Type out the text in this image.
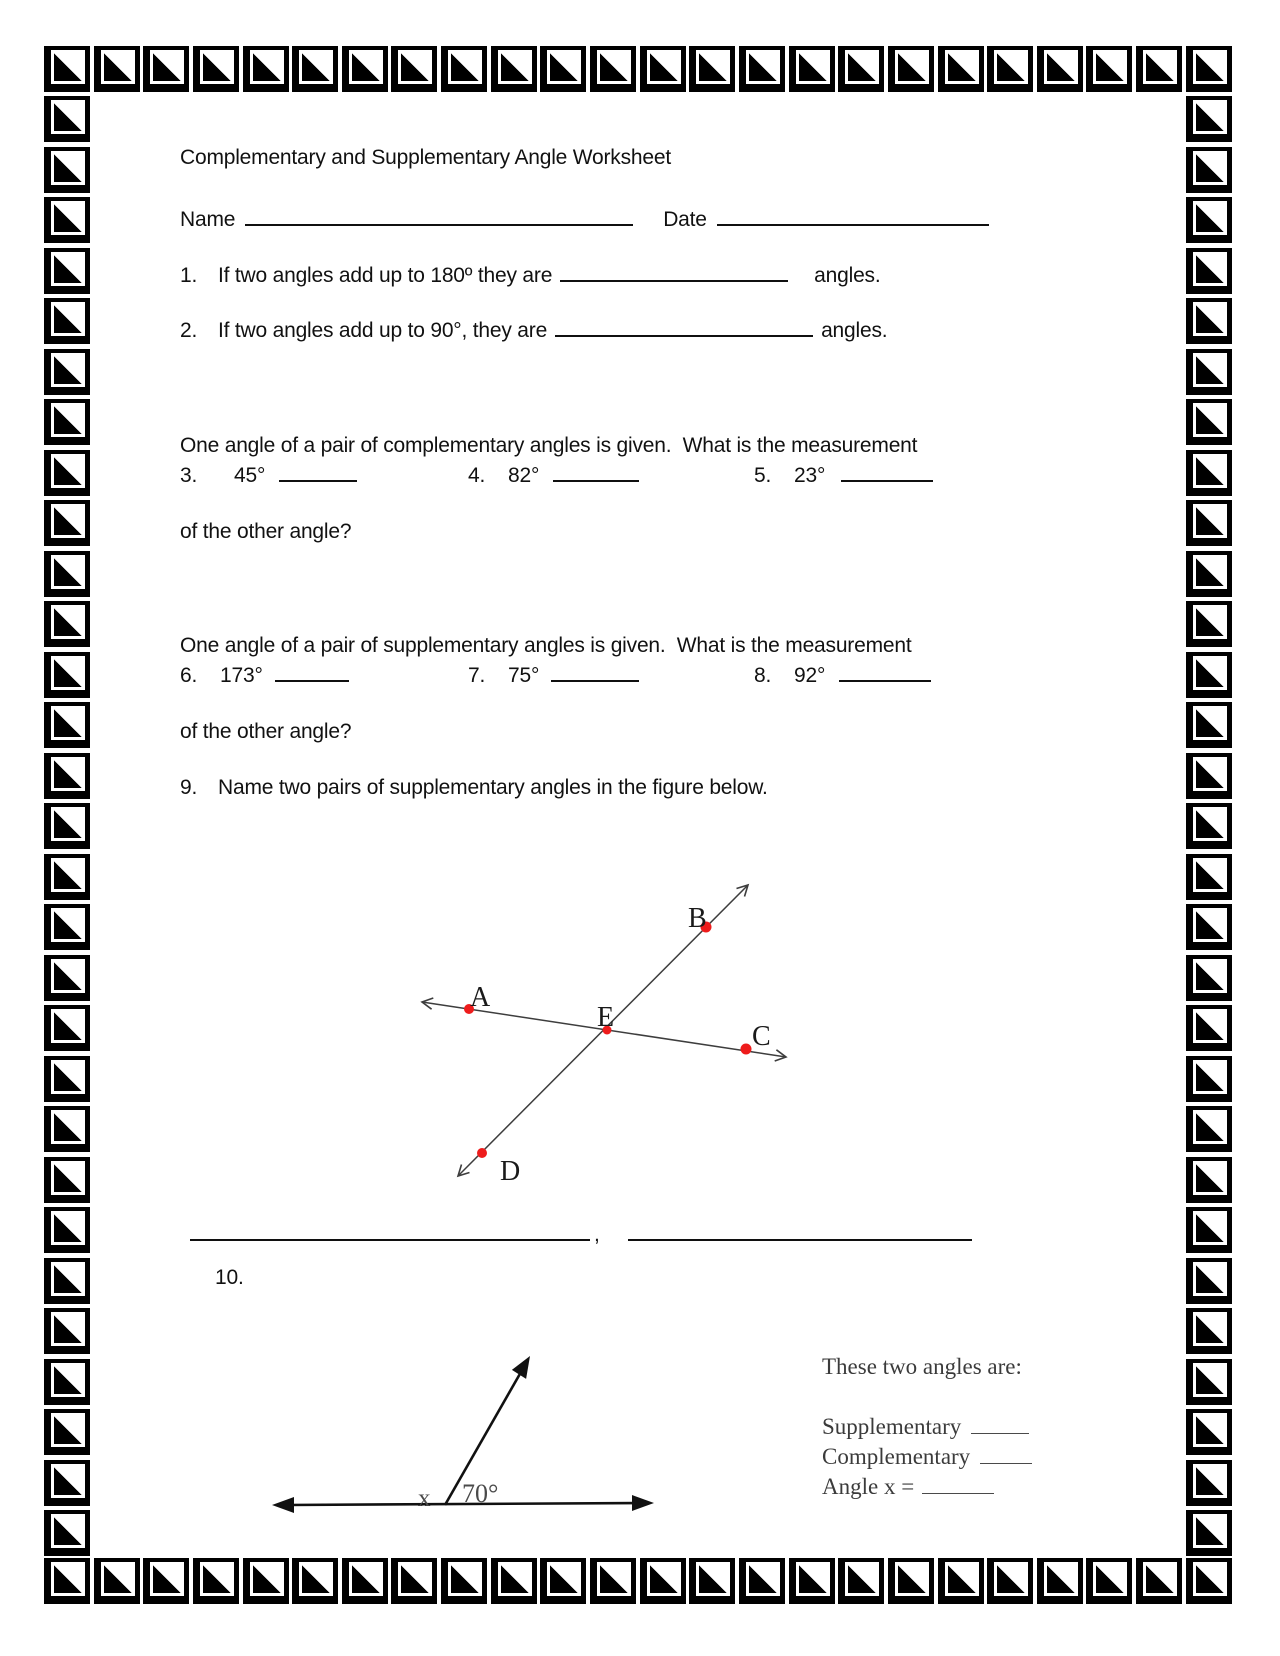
Complementary and Supplementary Angle Worksheet
Name	Date
1. If two angles add up to 180º they are	angles.
2. If two angles add up to 90°, they are	angles.

One angle of a pair of complementary angles is given.  What is the measurement

of the other angle?

3.	45°	4.	82°	5.	23°

One angle of a pair of supplementary angles is given.  What is the measurement

of the other angle?

6.	173°	7.	75°	8.	92°
9. Name two pairs of supplementary angles in the figure below.
A
B
C
D
E
,
10.
x 70°
These two angles are:
Supplementary
Complementary
Angle x =
